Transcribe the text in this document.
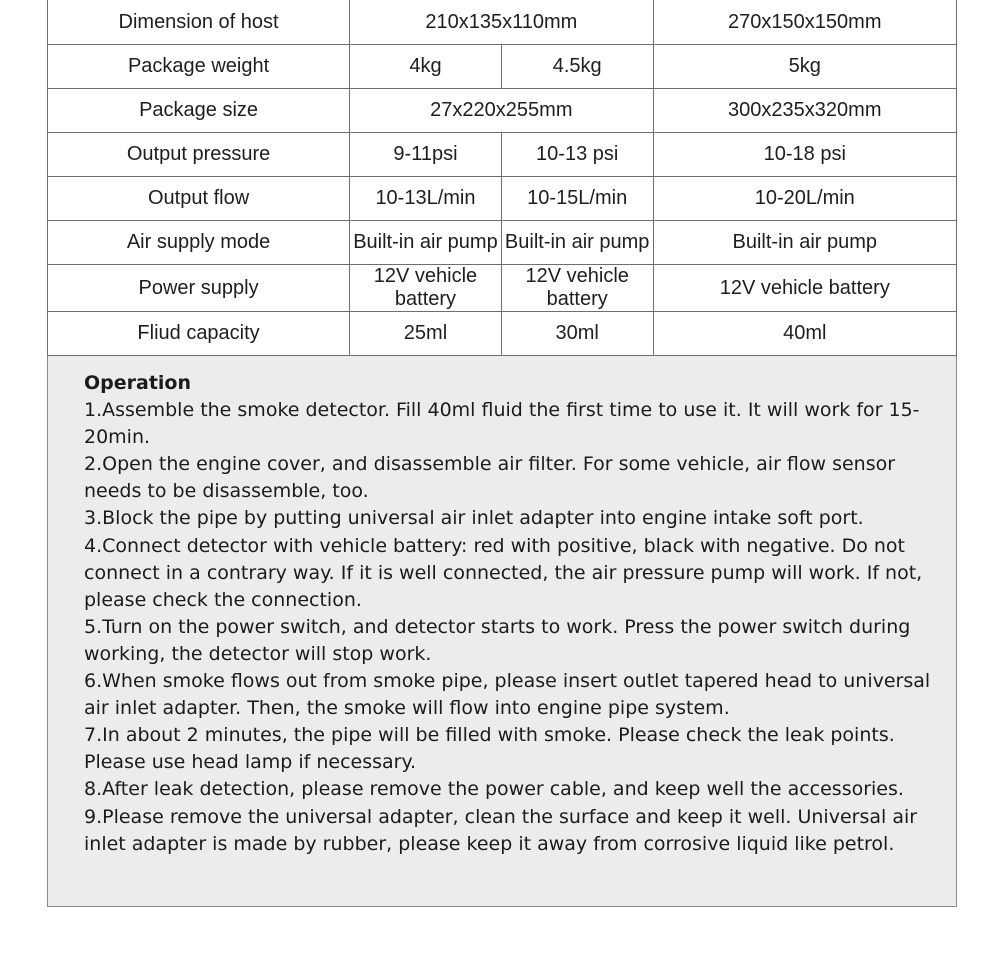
Dimension of host	210x135x110mm		270x150x150mm
Package weight	4kg	4.5kg	5kg
Package size	27x220x255mm		300x235x320mm
Output pressure	9-11psi	10-13 psi	10-18 psi
Output flow	10-13L/min	10-15L/min	10-20L/min
Air supply mode	Built-in air pump	Built-in air pump	Built-in air pump
Power supply	12V vehicle battery	12V vehicle battery	12V vehicle battery
Fliud capacity	25ml	30ml	40ml
Operation

1.Assemble the smoke detector. Fill 40ml fluid the first time to use it. It will work for 15-20min.

2.Open the engine cover, and disassemble air filter. For some vehicle, air flow sensor needs to be disassemble, too.

3.Block the pipe by putting universal air inlet adapter into engine intake soft port.

4.Connect detector with vehicle battery: red with positive, black with negative. Do not connect in a contrary way. If it is well connected, the air pressure pump will work. If not, please check the connection.

5.Turn on the power switch, and detector starts to work. Press the power switch during working, the detector will stop work.

6.When smoke flows out from smoke pipe, please insert outlet tapered head to universal air inlet adapter. Then, the smoke will flow into engine pipe system.

7.In about 2 minutes, the pipe will be filled with smoke. Please check the leak points. Please use head lamp if necessary.

8.After leak detection, please remove the power cable, and keep well the accessories.

9.Please remove the universal adapter, clean the surface and keep it well. Universal air inlet adapter is made by rubber, please keep it away from corrosive liquid like petrol.
